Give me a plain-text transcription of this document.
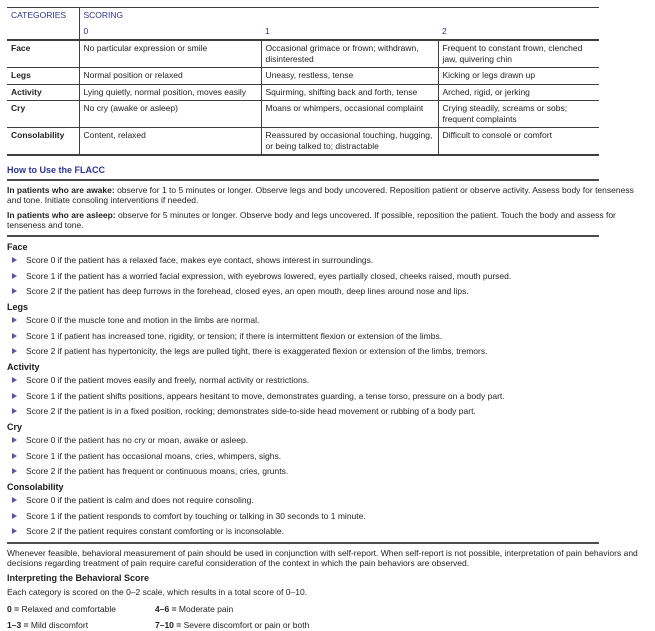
CATEGORIES	SCORING		
	0	1	2
Face	No particular expression or smile	Occasional grimace or frown; withdrawn, disinterested	Frequent to constant frown, clenched jaw, quivering chin
Legs	Normal position or relaxed	Uneasy, restless, tense	Kicking or legs drawn up
Activity	Lying quietly, normal position, moves easily	Squirming, shifting back and forth, tense	Arched, rigid, or jerking
Cry	No cry (awake or asleep)	Moans or whimpers, occasional complaint	Crying steadily, screams or sobs; frequent complaints
Consolability	Content, relaxed	Reassured by occasional touching, hugging, or being talked to; distractable	Difficult to console or comfort
How to Use the FLACC

In patients who are awake: observe for 1 to 5 minutes or longer. Observe legs and body uncovered. Reposition patient or observe activity. Assess body for tenseness and tone. Initiate consoling interventions if needed.

In patients who are asleep: observe for 5 minutes or longer. Observe body and legs uncovered. If possible, reposition the patient. Touch the body and assess for tenseness and tone.

Face
Score 0 if the patient has a relaxed face, makes eye contact, shows interest in surroundings.
Score 1 if the patient has a worried facial expression, with eyebrows lowered, eyes partially closed, cheeks raised, mouth pursed.
Score 2 if the patient has deep furrows in the forehead, closed eyes, an open mouth, deep lines around nose and lips.
Legs
Score 0 if the muscle tone and motion in the limbs are normal.
Score 1 if patient has increased tone, rigidity, or tension; if there is intermittent flexion or extension of the limbs.
Score 2 if patient has hypertonicity, the legs are pulled tight, there is exaggerated flexion or extension of the limbs, tremors.
Activity
Score 0 if the patient moves easily and freely, normal activity or restrictions.
Score 1 if the patient shifts positions, appears hesitant to move, demonstrates guarding, a tense torso, pressure on a body part.
Score 2 if the patient is in a fixed position, rocking; demonstrates side-to-side head movement or rubbing of a body part.
Cry
Score 0 if the patient has no cry or moan, awake or asleep.
Score 1 if the patient has occasional moans, cries, whimpers, sighs.
Score 2 if the patient has frequent or continuous moans, cries, grunts.
Consolability
Score 0 if the patient is calm and does not require consoling.
Score 1 if the patient responds to comfort by touching or talking in 30 seconds to 1 minute.
Score 2 if the patient requires constant comforting or is inconsolable.

Whenever feasible, behavioral measurement of pain should be used in conjunction with self-report. When self-report is not possible, interpretation of pain behaviors and decisions regarding treatment of pain require careful consideration of the context in which the pain behaviors are observed.

Interpreting the Behavioral Score

Each category is scored on the 0–2 scale, which results in a total score of 0–10.

0 = Relaxed and comfortable	4–6 = Moderate pain
1–3 = Mild discomfort	7–10 = Severe discomfort or pain or both
